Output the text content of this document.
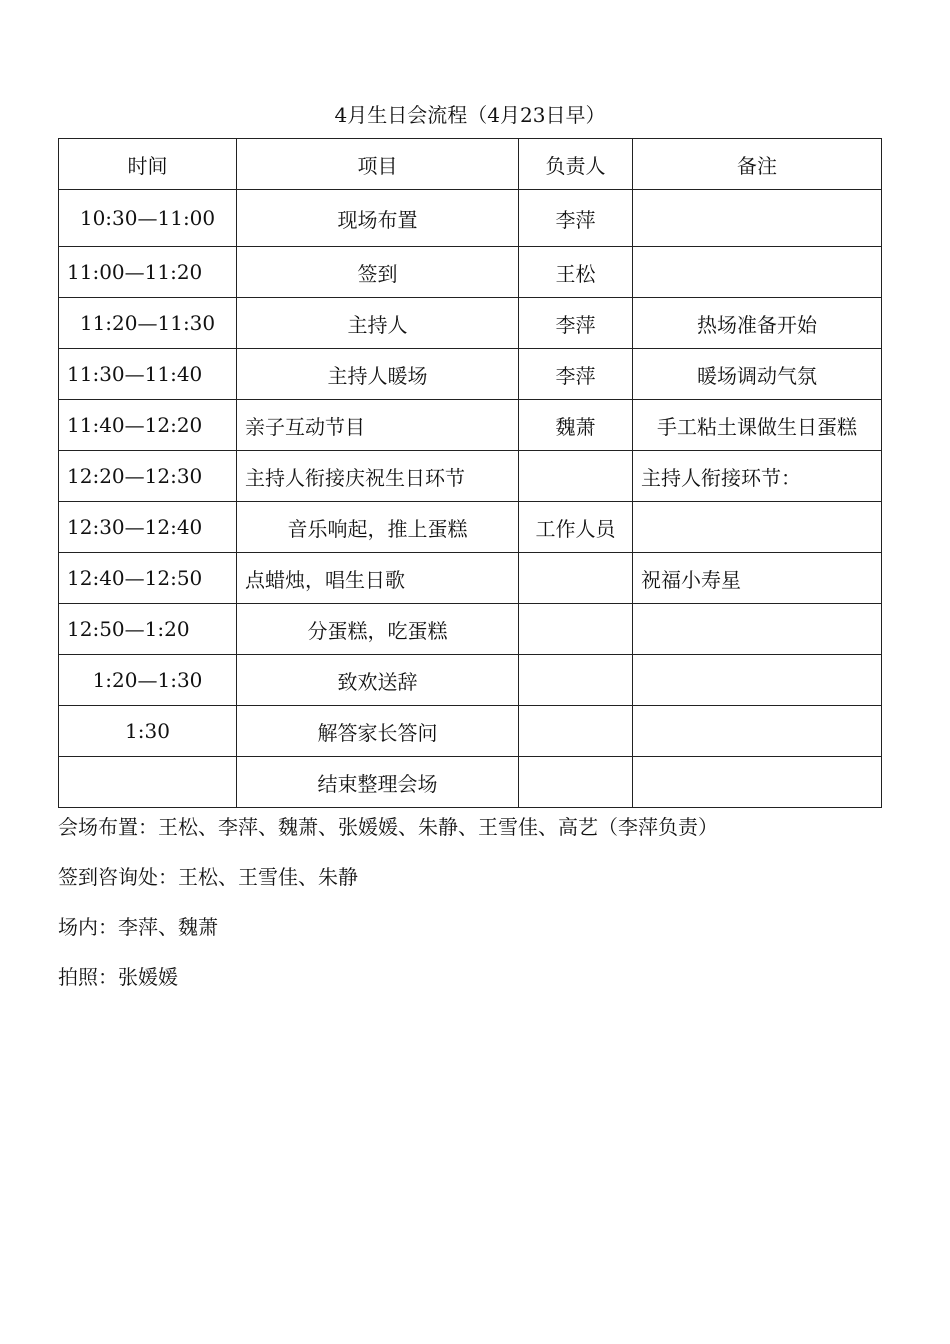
4月生日会流程（4月23日早）
时间	项目	负责人	备注
10:30—11:00	现场布置	李萍	
11:00—11:20	签到	王松	
11:20—11:30	主持人	李萍	热场准备开始
11:30—11:40	主持人暖场	李萍	暖场调动气氛
11:40—12:20	亲子互动节目	魏萧	手工粘土课做生日蛋糕
12:20—12:30	主持人衔接庆祝生日环节		主持人衔接环节：
12:30—12:40	音乐响起，推上蛋糕	工作人员	
12:40—12:50	点蜡烛，唱生日歌		祝福小寿星
12:50—1:20	分蛋糕，吃蛋糕		
1:20—1:30	致欢送辞		
1:30	解答家长答问		
	结束整理会场		

会场布置：王松、李萍、魏萧、张媛媛、朱静、王雪佳、高艺（李萍负责）

签到咨询处：王松、王雪佳、朱静

场内：李萍、魏萧

拍照：张媛媛
